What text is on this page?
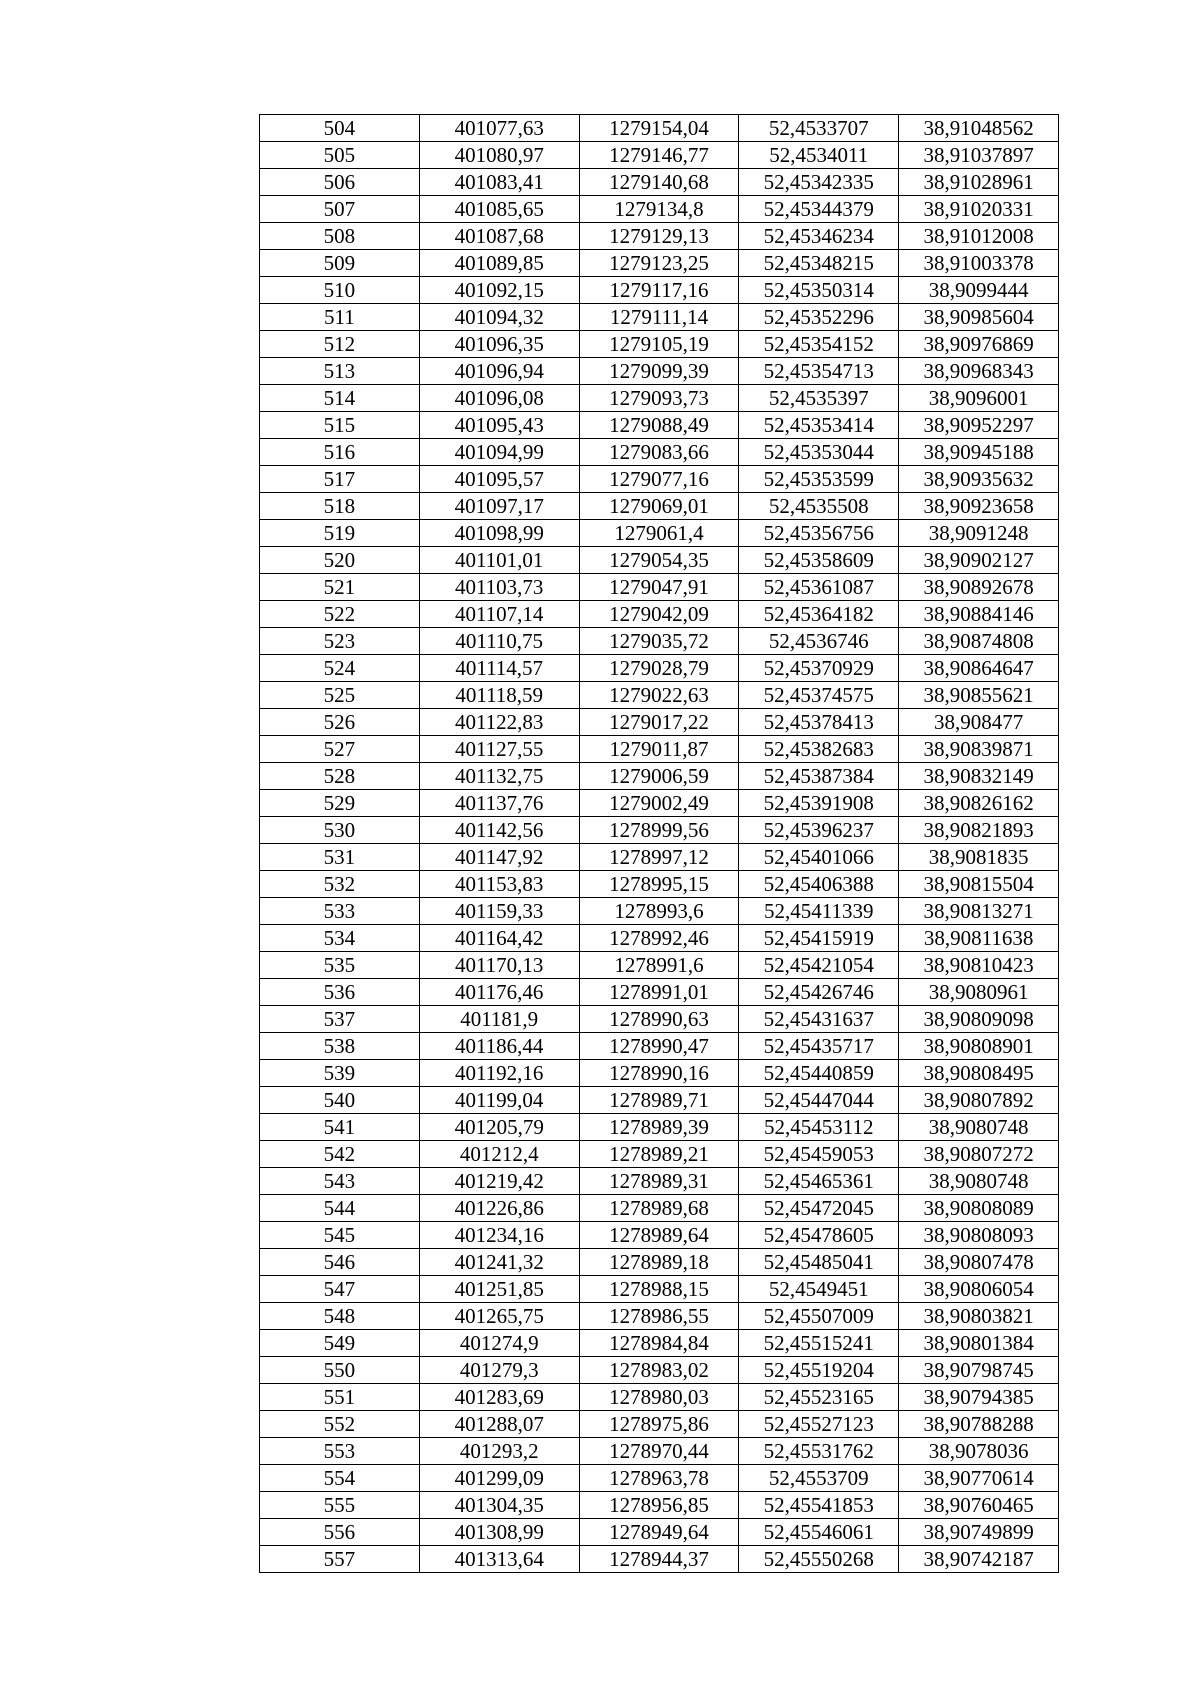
504	401077,63	1279154,04	52,4533707	38,91048562
505	401080,97	1279146,77	52,4534011	38,91037897
506	401083,41	1279140,68	52,45342335	38,91028961
507	401085,65	1279134,8	52,45344379	38,91020331
508	401087,68	1279129,13	52,45346234	38,91012008
509	401089,85	1279123,25	52,45348215	38,91003378
510	401092,15	1279117,16	52,45350314	38,9099444
511	401094,32	1279111,14	52,45352296	38,90985604
512	401096,35	1279105,19	52,45354152	38,90976869
513	401096,94	1279099,39	52,45354713	38,90968343
514	401096,08	1279093,73	52,4535397	38,9096001
515	401095,43	1279088,49	52,45353414	38,90952297
516	401094,99	1279083,66	52,45353044	38,90945188
517	401095,57	1279077,16	52,45353599	38,90935632
518	401097,17	1279069,01	52,4535508	38,90923658
519	401098,99	1279061,4	52,45356756	38,9091248
520	401101,01	1279054,35	52,45358609	38,90902127
521	401103,73	1279047,91	52,45361087	38,90892678
522	401107,14	1279042,09	52,45364182	38,90884146
523	401110,75	1279035,72	52,4536746	38,90874808
524	401114,57	1279028,79	52,45370929	38,90864647
525	401118,59	1279022,63	52,45374575	38,90855621
526	401122,83	1279017,22	52,45378413	38,908477
527	401127,55	1279011,87	52,45382683	38,90839871
528	401132,75	1279006,59	52,45387384	38,90832149
529	401137,76	1279002,49	52,45391908	38,90826162
530	401142,56	1278999,56	52,45396237	38,90821893
531	401147,92	1278997,12	52,45401066	38,9081835
532	401153,83	1278995,15	52,45406388	38,90815504
533	401159,33	1278993,6	52,45411339	38,90813271
534	401164,42	1278992,46	52,45415919	38,90811638
535	401170,13	1278991,6	52,45421054	38,90810423
536	401176,46	1278991,01	52,45426746	38,9080961
537	401181,9	1278990,63	52,45431637	38,90809098
538	401186,44	1278990,47	52,45435717	38,90808901
539	401192,16	1278990,16	52,45440859	38,90808495
540	401199,04	1278989,71	52,45447044	38,90807892
541	401205,79	1278989,39	52,45453112	38,9080748
542	401212,4	1278989,21	52,45459053	38,90807272
543	401219,42	1278989,31	52,45465361	38,9080748
544	401226,86	1278989,68	52,45472045	38,90808089
545	401234,16	1278989,64	52,45478605	38,90808093
546	401241,32	1278989,18	52,45485041	38,90807478
547	401251,85	1278988,15	52,4549451	38,90806054
548	401265,75	1278986,55	52,45507009	38,90803821
549	401274,9	1278984,84	52,45515241	38,90801384
550	401279,3	1278983,02	52,45519204	38,90798745
551	401283,69	1278980,03	52,45523165	38,90794385
552	401288,07	1278975,86	52,45527123	38,90788288
553	401293,2	1278970,44	52,45531762	38,9078036
554	401299,09	1278963,78	52,4553709	38,90770614
555	401304,35	1278956,85	52,45541853	38,90760465
556	401308,99	1278949,64	52,45546061	38,90749899
557	401313,64	1278944,37	52,45550268	38,90742187
